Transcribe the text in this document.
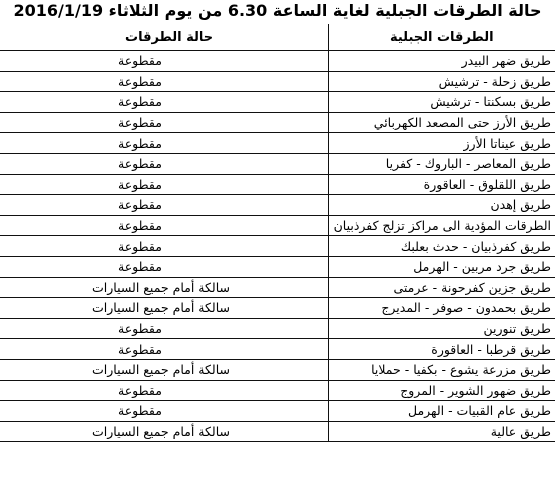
حالة الطرقات الجبلية لغاية الساعة 6.30 من يوم الثلاثاء 2016/1/19
الطرقات الجبلية	حالة الطرقات
طريق ضهر البيدر	مقطوعة
طريق زحلة - ترشيش	مقطوعة
طريق بسكنتا - ترشيش	مقطوعة
طريق الأرز حتى المصعد الكهربائي	مقطوعة
طريق عيناتا الأرز	مقطوعة
طريق المعاصر - الباروك - كفريا	مقطوعة
طريق اللقلوق - العاقورة	مقطوعة
طريق إهدن	مقطوعة
الطرقات المؤدية الى مراكز تزلج كفرذبيان	مقطوعة
طريق كفرذبيان - حدث بعلبك	مقطوعة
طريق جرد مربين - الهرمل	مقطوعة
طريق جزين كفرحونة - عرمتى	سالكة أمام جميع السيارات
طريق بحمدون - صوفر - المديرج	سالكة أمام جميع السيارات
طريق تنورين	مقطوعة
طريق قرطبا - العاقورة	مقطوعة
طريق مزرعة يشوع - بكفيا - حملايا	سالكة أمام جميع السيارات
طريق ضهور الشوير - المروج	مقطوعة
طريق عام القبيات - الهرمل	مقطوعة
طريق عالية	سالكة أمام جميع السيارات
